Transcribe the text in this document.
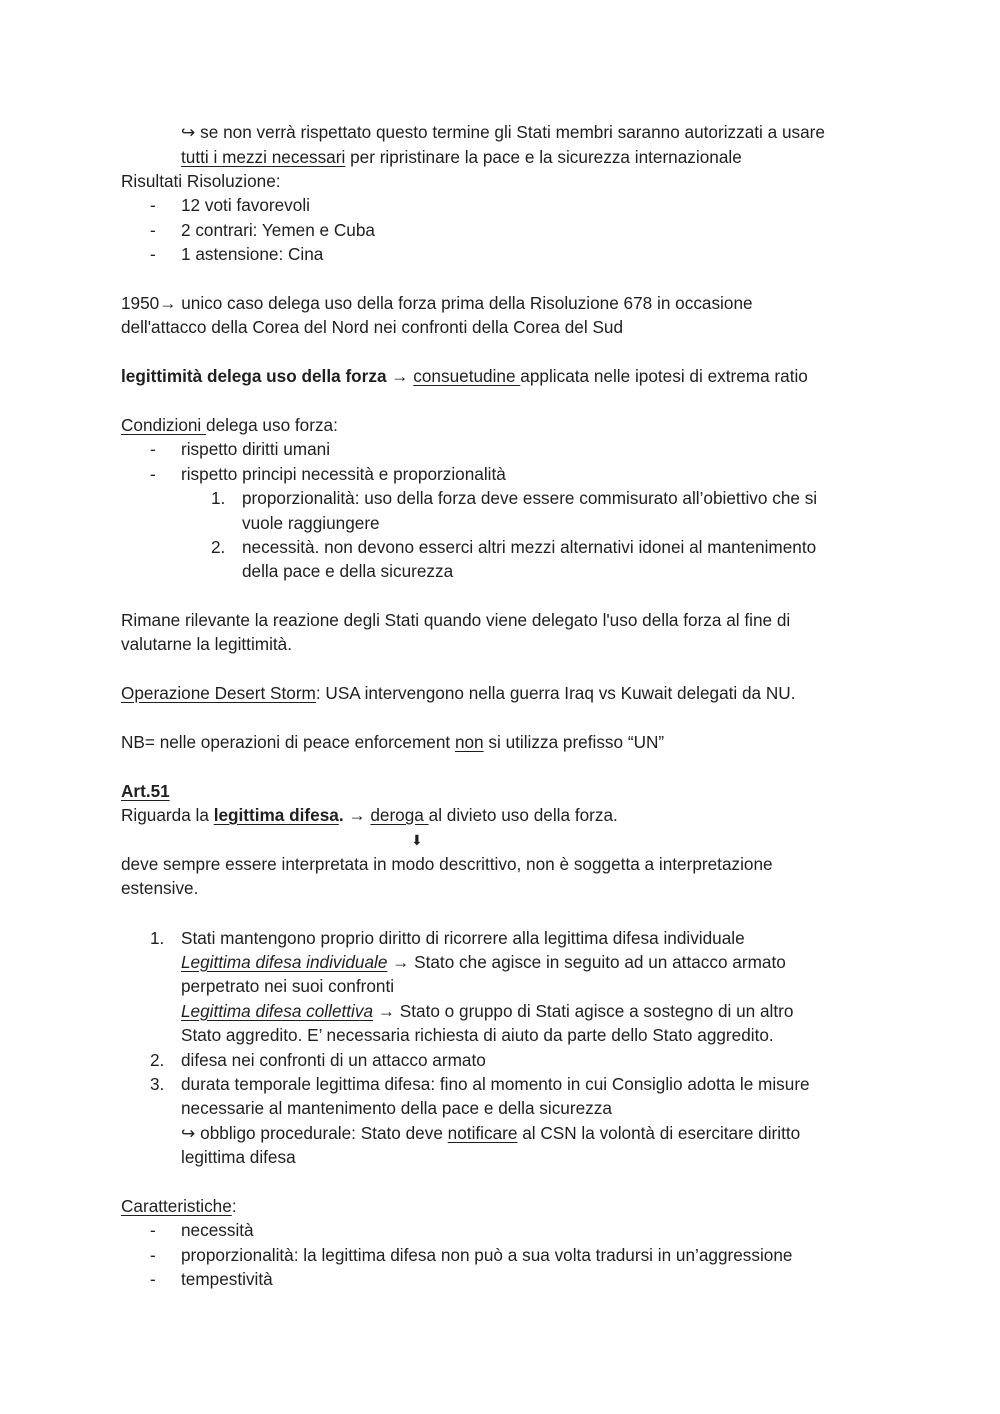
↪ se non verrà rispettato questo termine gli Stati membri saranno autorizzati a usare
tutti i mezzi necessari per ripristinare la pace e la sicurezza internazionale
Risultati Risoluzione:
- 12 voti favorevoli
- 2 contrari: Yemen e Cuba
- 1 astensione: Cina
1950→ unico caso delega uso della forza prima della Risoluzione 678 in occasione
dell'attacco della Corea del Nord nei confronti della Corea del Sud
legittimità delega uso della forza → consuetudine applicata nelle ipotesi di extrema ratio
Condizioni delega uso forza:
- rispetto diritti umani
- rispetto principi necessità e proporzionalità
1. proporzionalità: uso della forza deve essere commisurato all’obiettivo che si
vuole raggiungere
2. necessità. non devono esserci altri mezzi alternativi idonei al mantenimento
della pace e della sicurezza
Rimane rilevante la reazione degli Stati quando viene delegato l'uso della forza al fine di
valutarne la legittimità.
Operazione Desert Storm: USA intervengono nella guerra Iraq vs Kuwait delegati da NU.
NB= nelle operazioni di peace enforcement non si utilizza prefisso “UN”
Art.51
Riguarda la legittima difesa. → deroga al divieto uso della forza.
⬇
deve sempre essere interpretata in modo descrittivo, non è soggetta a interpretazione
estensive.
1. Stati mantengono proprio diritto di ricorrere alla legittima difesa individuale
Legittima difesa individuale → Stato che agisce in seguito ad un attacco armato
perpetrato nei suoi confronti
Legittima difesa collettiva → Stato o gruppo di Stati agisce a sostegno di un altro
Stato aggredito. E’ necessaria richiesta di aiuto da parte dello Stato aggredito.
2. difesa nei confronti di un attacco armato
3. durata temporale legittima difesa: fino al momento in cui Consiglio adotta le misure
necessarie al mantenimento della pace e della sicurezza
↪ obbligo procedurale: Stato deve notificare al CSN la volontà di esercitare diritto
legittima difesa
Caratteristiche:
- necessità
- proporzionalità: la legittima difesa non può a sua volta tradursi in un’aggressione
- tempestività
